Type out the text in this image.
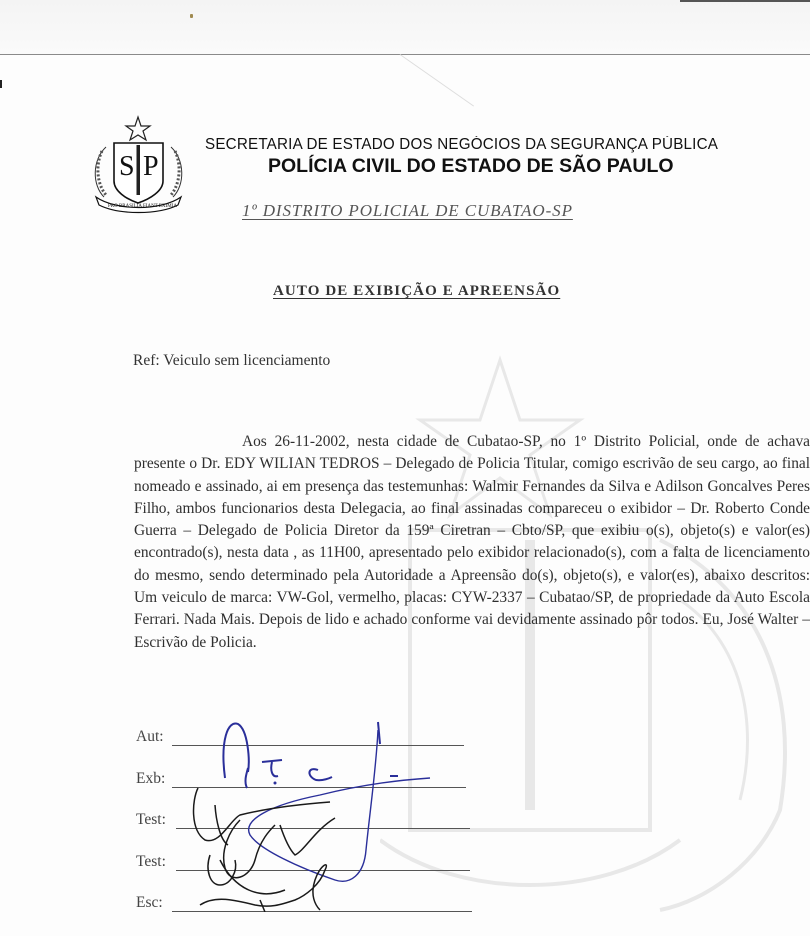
S P
PRO BRASILIA FIANT EXIMIA
SECRETARIA DE ESTADO DOS NEGÓCIOS DA SEGURANÇA PÚBLICA
POLÍCIA CIVIL DO ESTADO DE SÃO PAULO
1º DISTRITO POLICIAL DE CUBATAO-SP
AUTO DE EXIBIÇÃO E APREENSÃO
Ref: Veiculo sem licenciamento
Aos 26-11-2002, nesta cidade de Cubatao-SP, no 1º Distrito Policial, onde de achava presente o Dr. EDY WILIAN TEDROS – Delegado de Policia Titular, comigo escrivão de seu cargo, ao final nomeado e assinado, ai em presença das testemunhas: Walmir Fernandes da Silva e Adilson Goncalves Peres Filho, ambos funcionarios desta Delegacia, ao final assinadas compareceu o exibidor – Dr. Roberto Conde Guerra – Delegado de Policia Diretor da 159ª Ciretran – Cbto/SP, que exibiu o(s), objeto(s) e valor(es) encontrado(s), nesta data , as 11H00, apresentado pelo exibidor relacionado(s), com a falta de licenciamento do mesmo, sendo determinado pela Autoridade a Apreensão do(s), objeto(s), e valor(es), abaixo descritos: Um veiculo de marca: VW-Gol, vermelho, placas: CYW-2337 – Cubatao/SP, de propriedade da Auto Escola Ferrari. Nada Mais. Depois de lido e achado conforme vai devidamente assinado pôr todos. Eu, José Walter – Escrivão de Policia.
Aut:
Exb:
Test:
Test:
Esc:
